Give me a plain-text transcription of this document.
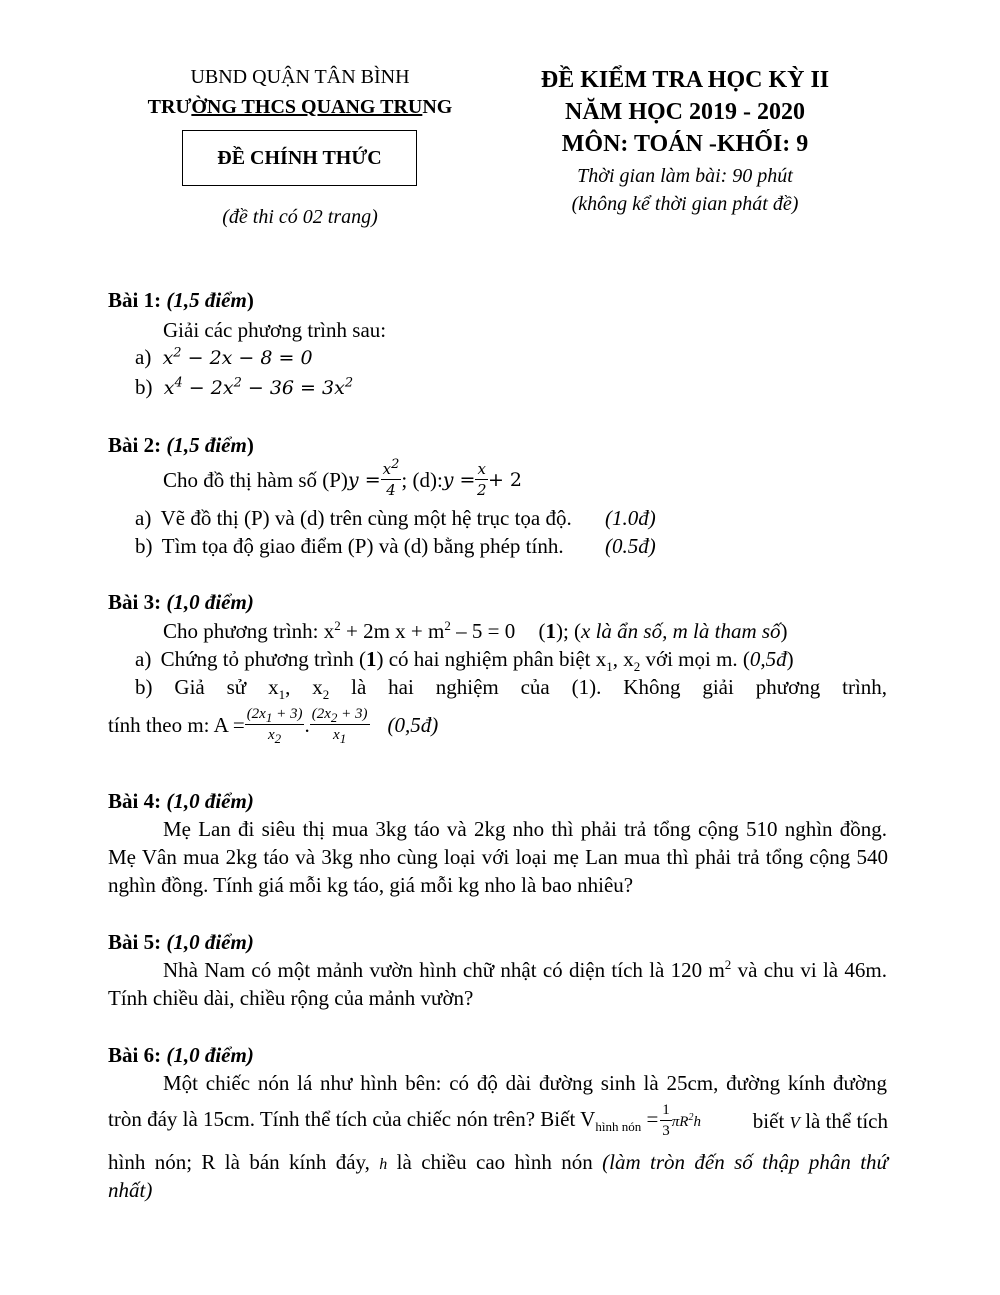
UBND QUẬN TÂN BÌNH
TRƯỜNG THCS QUANG TRUNG
ĐỀ CHÍNH THỨC
(đề thi có 02 trang)
ĐỀ KIỂM TRA HỌC KỲ II
NĂM HỌC 2019 - 2020
MÔN: TOÁN -KHỐI: 9
Thời gian làm bài: 90 phút
(không kể thời gian phát đề)
Bài 1: (1,5 điểm)
Giải các phương trình sau:
a) $x^2 - 2x - 8 = 0$
b) $x^4 - 2x^2 - 36 = 3x^2$
Bài 2: (1,5 điểm)
Cho đồ thị hàm số (P) $y = \frac{x^2}{4}$ ; (d): $y = \frac{x}{2} + 2$
a) Vẽ đồ thị (P) và (d) trên cùng một hệ trục tọa độ. (1.0đ)
b) Tìm tọa độ giao điểm (P) và (d) bằng phép tính. (0.5đ)
Bài 3: (1,0 điểm)
Cho phương trình: $x^2 + 2m$ $x + m^2 - 5 = 0$ (1); (x là ẩn số, m là tham số)
a) Chứng tỏ phương trình (1) có hai nghiệm phân biệt $x_1$, $x_2$ với mọi m. (0,5đ)
b) Giả sử $x_1$, $x_2$ là hai nghiệm của (1). Không giải phương trình,
tính theo m: $A = \frac{(2x_1 + 3)}{x_2}$ . $\frac{(2x_2 + 3)}{x_1}$ (0,5đ)
Bài 4: (1,0 điểm)
Mẹ Lan đi siêu thị mua 3kg táo và 2kg nho thì phải trả tổng cộng 510 nghìn đồng.
Mẹ Vân mua 2kg táo và 3kg nho cùng loại với loại mẹ Lan mua thì phải trả tổng cộng 540
nghìn đồng. Tính giá mỗi kg táo, giá mỗi kg nho là bao nhiêu?
Bài 5: (1,0 điểm)
Nhà Nam có một mảnh vườn hình chữ nhật có diện tích là 120 $m^2$ và chu vi là 46m.
Tính chiều dài, chiều rộng của mảnh vườn?
Bài 6: (1,0 điểm)
Một chiếc nón lá như hình bên: có độ dài đường sinh là 25cm, đường kính đường
tròn đáy là 15cm. Tính thể tích của chiếc nón trên? Biết $V_{hình nón} = \frac{1}{3} \pi R^2h$ biết V là thể tích
hình nón; R là bán kính đáy, h là chiều cao hình nón (làm tròn đến số thập phân thứ
nhất)
